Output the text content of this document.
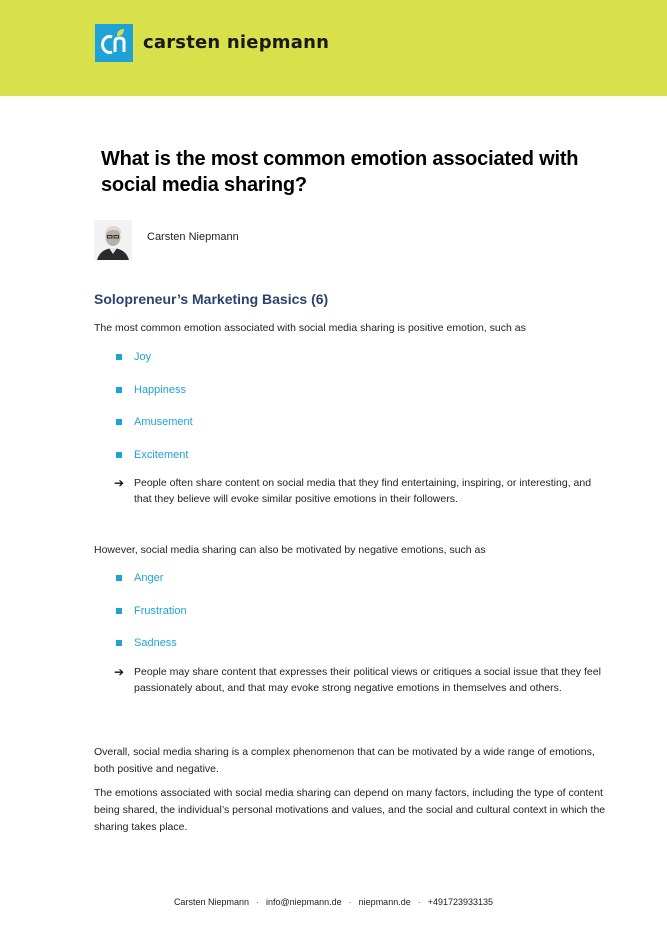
carsten niepmann
What is the most common emotion associated with social media sharing?
Carsten Niepmann
Solopreneur’s Marketing Basics (6)

The most common emotion associated with social media sharing is positive emotion, such as

Joy
Happiness
Amusement
Excitement
➔ People often share content on social media that they find entertaining, inspiring, or interesting, and that they believe will evoke similar positive emotions in their followers.

However, social media sharing can also be motivated by negative emotions, such as

Anger
Frustration
Sadness
➔ People may share content that expresses their political views or critiques a social issue that they feel passionately about, and that may evoke strong negative emotions in themselves and others.

Overall, social media sharing is a complex phenomenon that can be motivated by a wide range of emotions, both positive and negative.

The emotions associated with social media sharing can depend on many factors, including the type of content being shared, the individual’s personal motivations and values, and the social and cultural context in which the sharing takes place.

Carsten Niepmann · info@niepmann.de · niepmann.de · +491723933135
